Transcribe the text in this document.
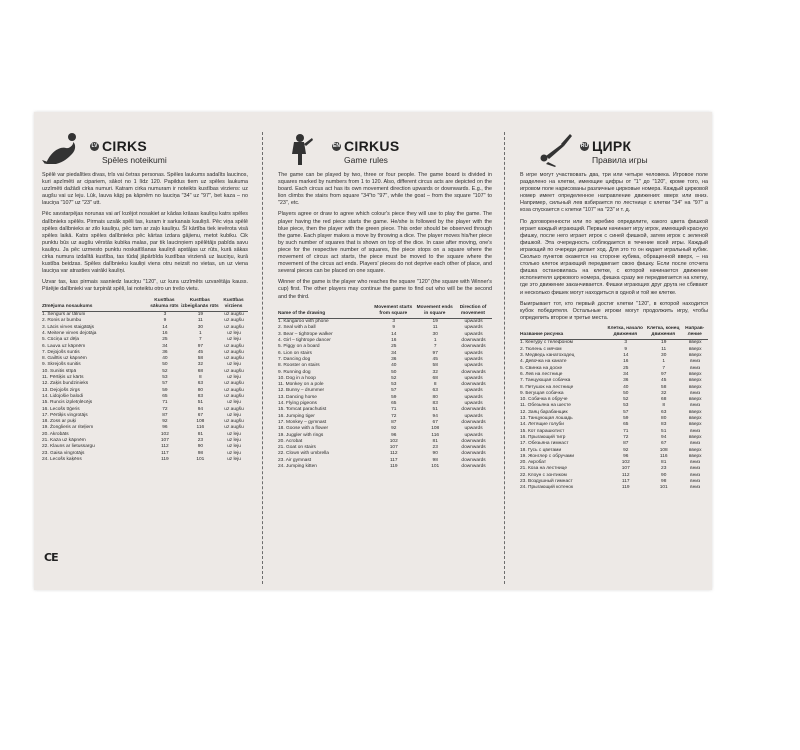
LV CIRKS
Spēles noteikumi

Spēlē var piedalīties divas, trīs vai četras personas. Spēles laukums sadalīts laucinos, kuri apzīmēti ar cipariem, sākot no 1 līdz 120. Papildus tiem uz spēles laukuma uzzīmēti dažādi cirka numuri. Katram cirka numuram ir noteikts kustības virziens: uz augšu vai uz leju. Lūk, lauva kāpj pa kāpnēm no lauciņa "34" uz "97", bet kaza – no lauciņa "107" uz "23" utt.

Pēc savstarpējas norunas vai arī lozējot nosakiet ar kādas krāsas kauliņu katrs spēles dalībnieks spēlēs. Pirmais uzsāk spēli tas, kuram ir sarkanais kauliņš. Pēc viņa spēlē spēles dalībnieks ar zilo kauliņu, pēc tam ar zaļo kauliņu. Šī kārtība tiek ievērota visā spēles laikā. Katrs spēles dalībnieks pēc kārtas izdara gājienu, metot kubiku. Cik punktu būs uz augšu vērstās kubika malas, par tik laucinņiem spēlētājs pabīda savu kauliņu. Ja pēc uzmesto punktu noskaitīšanas kauliņš apstājas uz rūts, kurā sākas cirka numura izdalītā kustība, tas tūdaļ jāpārbīda kustības virzienā uz lauciņu, kurā kustība beidzas. Spēles dalībnieku kauliņi viens otru neizsit no vietas, un uz viena lauciņa var atrasties vairāki kauliņi.

Uzvar tas, kas pirmais sasniedz lauciņu "120", uz kura uzzīmēts uzvarētāja kauss. Pārējie dalībnieki var turpināt spēli, lai noteiktu otro un trešo vietu.

Zīmējuma nosaukums	Kustības sākuma rūts	Kustības izbeigšanās rūts	Kustības virziens
1. Šengurs ar tālruni	3	19	uz augšu
2. Ronis ar bumbu	9	11	uz augšu
3. Lācis virves staigātājs	14	30	uz augšu
4. Meitene virves dejotāja	16	1	uz leju
5. Cūciņa uz dēļa	25	7	uz leju
6. Lauva uz kāpnēm	34	97	uz augšu
7. Dejojošs suntis	36	45	uz augšu
8. Gailītis uz kāpnēm	40	58	uz augšu
9. Skrejošs sunitis	50	32	uz leju
10. Sunitis stīpā	52	68	uz augšu
11. Pērtiķis uz kārts	53	8	uz leju
12. Zaķis bundzinieks	57	63	uz augšu
13. Dejojošs zirgs	59	80	uz augšu
14. Lidojošie balodi	65	83	uz augšu
15. Runcis izpletņlēcējs	71	51	uz leju
16. Lecošs tīģeris	72	94	uz augšu
17. Pērtiķis vingrotājs	87	67	uz leju
18. Zoss ar puķi	92	108	uz augšu
19. Žonglieris ar riteļiem	96	116	uz augšu
20. Akrobāts	102	81	uz leju
21. Kaza uz kāpnēm	107	23	uz leju
22. Klauns ar lietussargu	112	90	uz leju
23. Gaisa vingrotājs	117	98	uz leju
24. Lecošs kaķēns	119	101	uz leju
CE
EN CIRKUS
Game rules

The game can be played by two, three or four people. The game board is divided in squares marked by numbers from 1 to 120. Also, different circus acts are depicted on the board. Each circus act has its own movement direction upwards or downwards. E.g., the lion climbs the stairs from square "34"to "97", while the goat – from the square "107" to "23", etc.

Players agree or draw to agree which colour's piece they will use to play the game. The player having the red piece starts the game. He/she is followed by the player with the blue piece, then the player with the green piece. This order should be observed through the game. Each player makes a move by throwing a dice. The player moves his/her piece by such number of squares that is shown on top of the dice. In case after moving, one's piece for the respective number of squares, the piece stops on a square where the movement of circus act starts, the piece must be moved to the square where the movement of the circus act ends. Players' pieces do not deprive each other of place, and several pieces can be placed on one square.

Winner of the game is the player who reaches the square "120" (the square with Winner's cup) first. The other players may continue the game to find out who will be the second and the third.

Name of the drawing	Movement starts from square	Movement ends in square	Direction of movement
1. Kangaroo with phone	3	19	upwards
2. Seal with a ball	9	11	upwards
3. Bear – tightrope walker	14	30	upwards
4. Girl – tightrope dancer	16	1	downwards
5. Piggy on a board	25	7	downwards
6. Lion on stairs	34	97	upwards
7. Dancing dog	36	45	upwards
8. Rooster on stairs	40	58	upwards
9. Running dog	50	32	downwards
10. Dog in a hoop	52	68	upwards
11. Monkey on a pole	53	8	downwards
12. Bunny – drummer	57	63	upwards
13. Dancing horse	59	80	upwards
14. Flying pigeons	65	83	upwards
15. Tomcat parachutist	71	51	downwards
16. Jumping tiger	72	94	upwards
17. Monkey – gymnast	87	67	downwards
18. Goose with a flower	92	108	upwards
19. Juggler with rings	96	116	upwards
20. Acrobat	102	81	downwards
21. Goat on stairs	107	23	downwards
22. Clown with umbrella	112	90	downwards
23. Air gymnast	117	98	downwards
24. Jumping kitten	119	101	downwards
RU ЦИРК
Правила игры

В игре могут участвовать два, три или четыре человека. Игровое поле разделено на клетки, имеющие цифры от "1" до "120", кроме того, на игровом поле нарисованы различные цирковые номера. Каждый цирковой номер имеет определенное направление движения: вверх или вниз. Например, сильный лев взбирается по лестнице с клетки "34" на "97" а коза спускается с клетки "107" на "23" и т. д.

По договоренности или по жребию определите, какого цвета фишкой играет каждый играющий. Первым начинает игру игрок, имеющий красную фишку, после него играет игрок с синей фишкой, затем игрок с зеленой фишкой. Эта очередность соблюдается в течение всей игры. Каждый играющий по очереди делает ход. Для это то он кидает игральный кубик. Сколько пунктов окажется на стороне кубика, обращенной вверх, – на столько клеток играющий передвигает свою фишку. Если после отсчета фишка остановилась на клетке, с которой начинается движение исполнителя циркового номера, фишка сразу же передвигается на клетку, где это движение заканчивается. Фишки играющих друг друга не сбивают и несколько фишек могут находиться в одной и той же клетке.

Выигрывает тот, кто первый достиг клетки "120", в которой находится кубок победителя. Остальные игроки могут продолжить игру, чтобы определить второе и третье места.

Название рисунка	Клетка, начало движения	Клетка, конец движения	Направ-ление
1. Кенгуру с телефоном	3	19	вверх
2. Тюлень с мячом	9	11	вверх
3. Медведь канатоходец	14	30	вверх
4. Девочка на канате	16	1	вниз
5. Свинка на доске	25	7	вниз
6. Лев на лестнице	34	97	вверх
7. Танцующая собачка	36	45	вверх
8. Петушок на лестнице	40	58	вверх
9. Бегущая собачка	50	32	вниз
10. Собачка в обруче	52	68	вверх
11. Обезьяна на шесте	53	8	вниз
12. Заяц барабанщик	57	63	вверх
13. Танцующая лошадь	59	80	вверх
14. Летящие голуби	65	83	вверх
15. Кот парашютист	71	51	вниз
16. Прыгающий тигр	72	94	вверх
17. Обезьяна гимнаст	87	67	вниз
18. Гусь с цветами	92	108	вверх
19. Жонглер с обручами	96	116	вверх
20. Акробат	102	81	вниз
21. Коза на лестнице	107	23	вниз
22. Клоун с зонтиком	112	90	вниз
23. Воздушный гимнаст	117	98	вниз
24. Прыгающий котенок	119	101	вниз
